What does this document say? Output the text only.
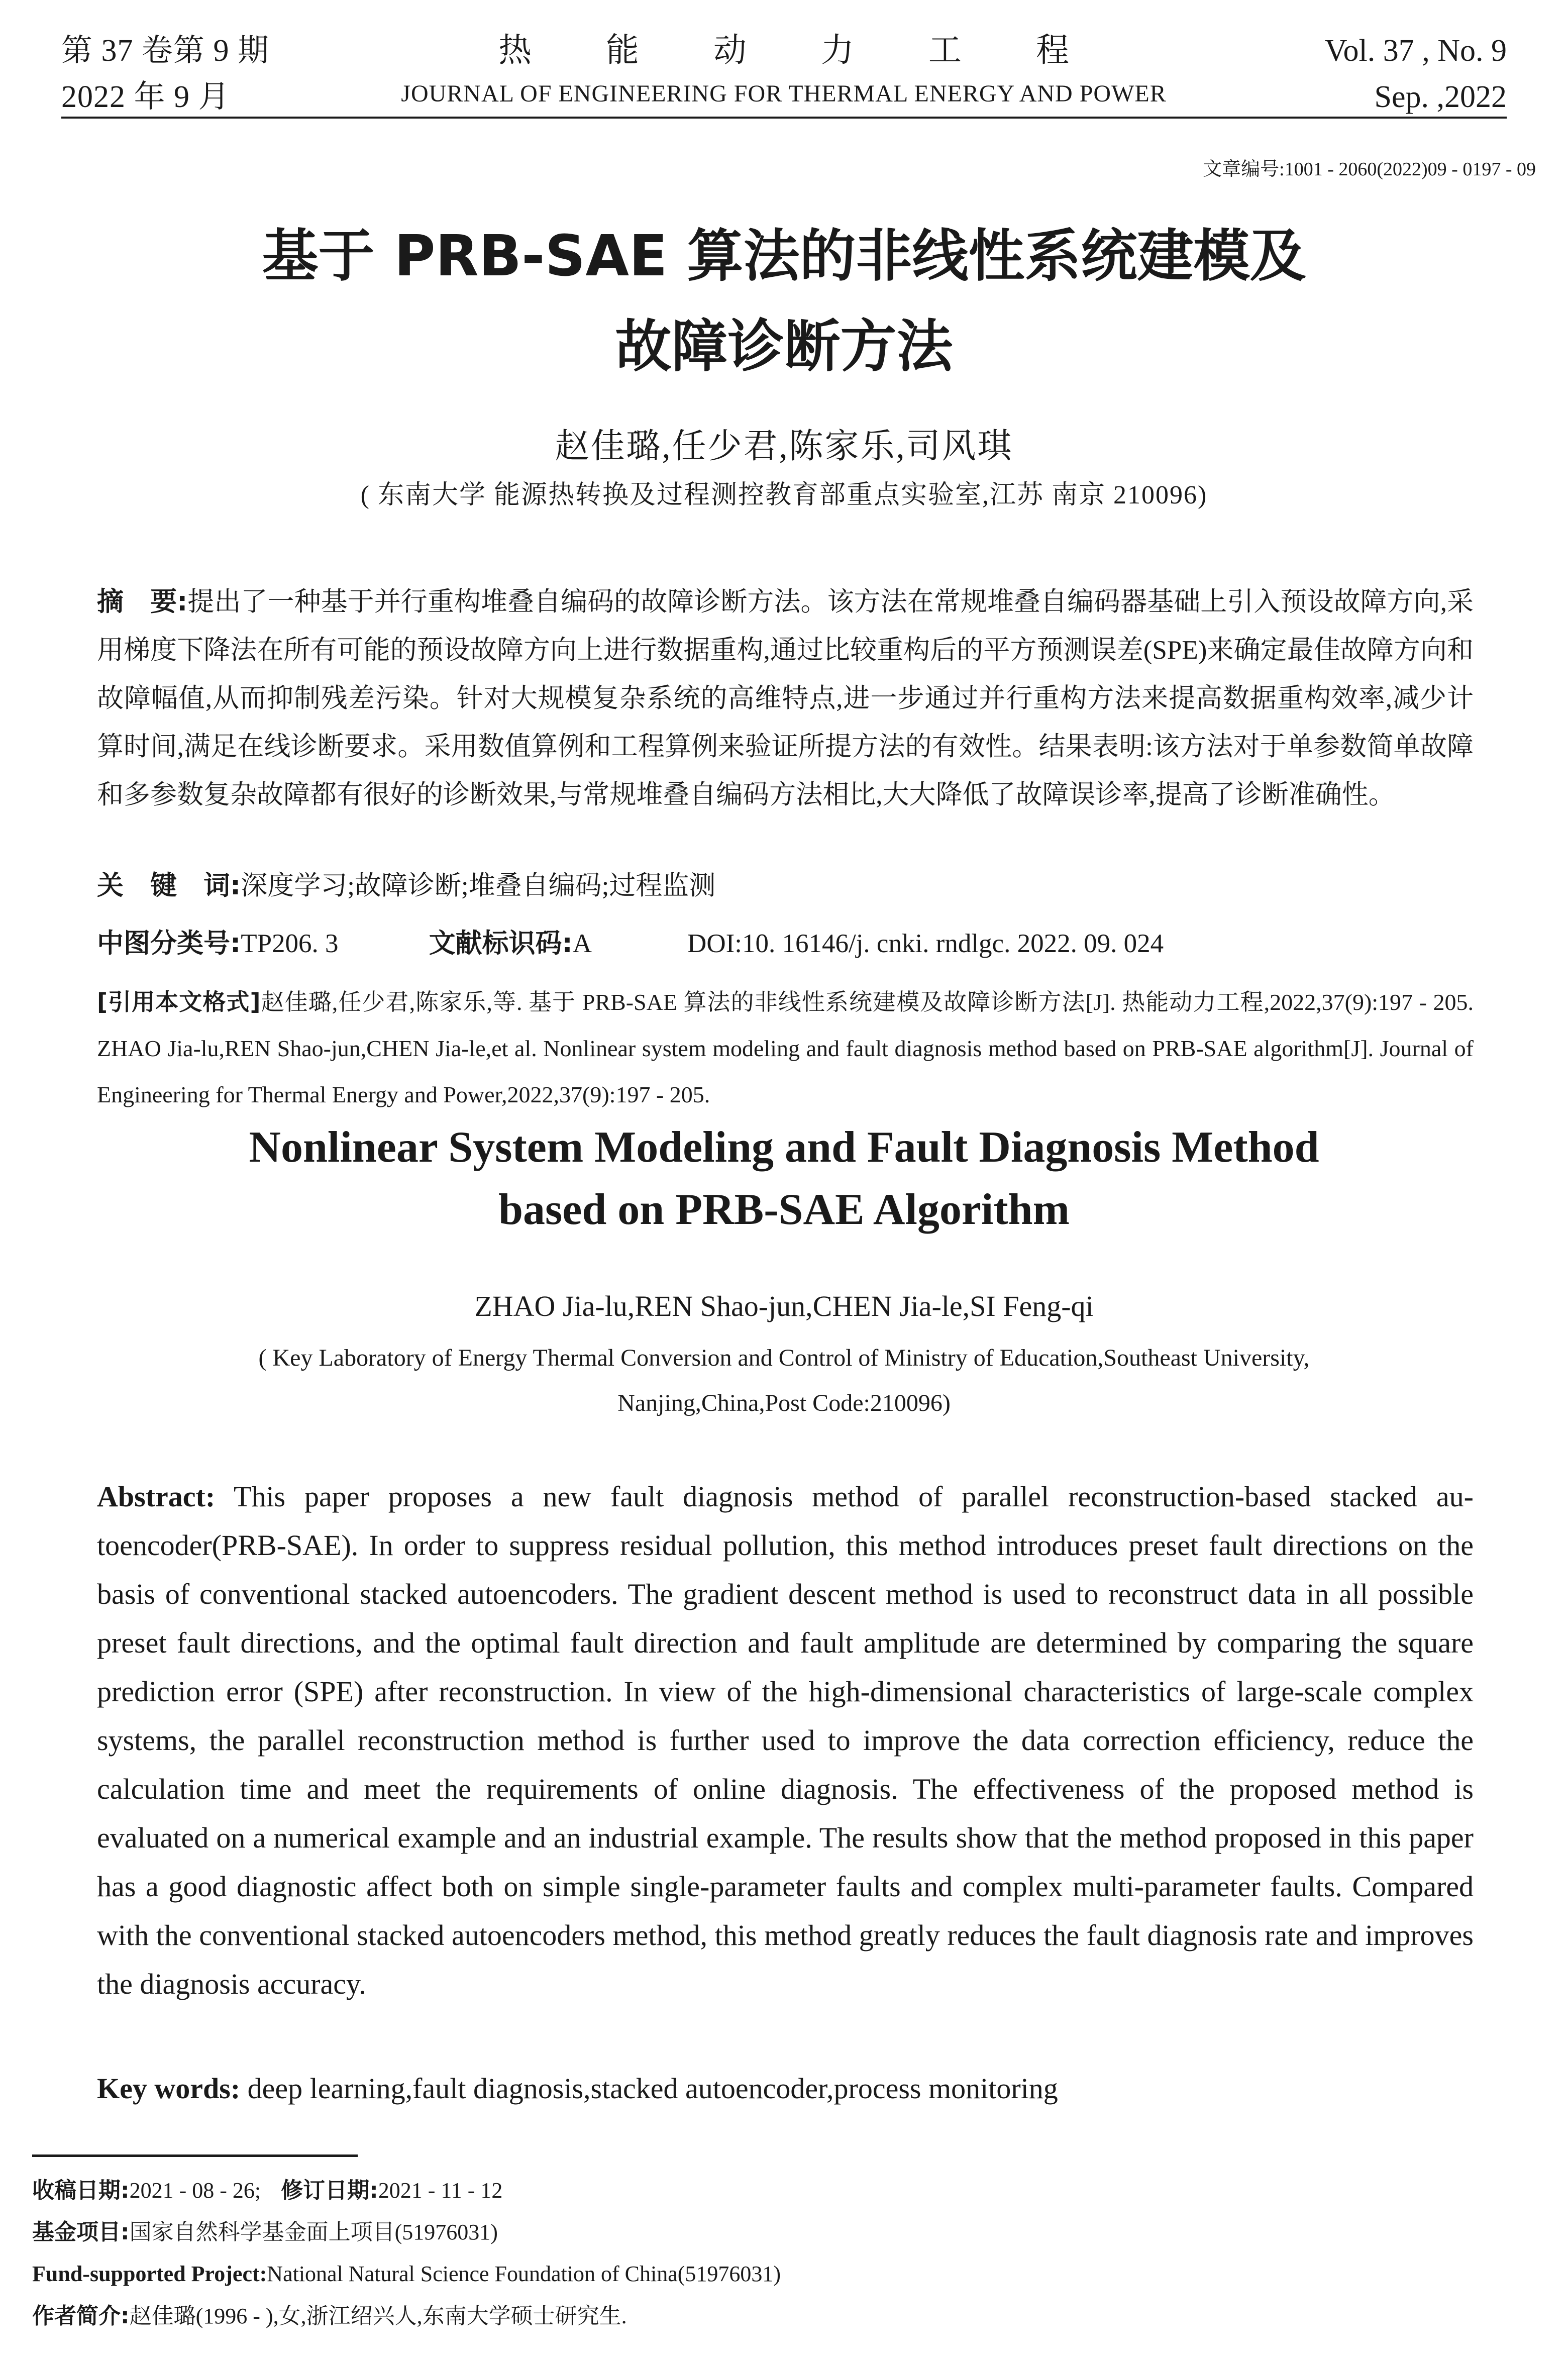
第 37 卷第 9 期
2022 年 9 月
热能动力工程
JOURNAL OF ENGINEERING FOR THERMAL ENERGY AND POWER
Vol. 37 , No. 9
Sep. ,2022
文章编号:1001 - 2060(2022)09 - 0197 - 09
基于 PRB-SAE 算法的非线性系统建模及
故障诊断方法
赵佳璐,任少君,陈家乐,司风琪
( 东南大学 能源热转换及过程测控教育部重点实验室,江苏 南京 210096)
摘　要:提出了一种基于并行重构堆叠自编码的故障诊断方法。该方法在常规堆叠自编码器基础上引入预设故障方向,采用梯度下降法在所有可能的预设故障方向上进行数据重构,通过比较重构后的平方预测误差(SPE)来确定最佳故障方向和故障幅值,从而抑制残差污染。针对大规模复杂系统的高维特点,进一步通过并行重构方法来提高数据重构效率,减少计算时间,满足在线诊断要求。采用数值算例和工程算例来验证所提方法的有效性。结果表明:该方法对于单参数简单故障和多参数复杂故障都有很好的诊断效果,与常规堆叠自编码方法相比,大大降低了故障误诊率,提高了诊断准确性。
关　键　词:深度学习;故障诊断;堆叠自编码;过程监测
中图分类号:TP206. 3	文献标识码:A	DOI:10. 16146/j. cnki. rndlgc. 2022. 09. 024
[引用本文格式]赵佳璐,任少君,陈家乐,等. 基于 PRB-SAE 算法的非线性系统建模及故障诊断方法[J]. 热能动力工程,2022,37(9):197 - 205. ZHAO Jia-lu,REN Shao-jun,CHEN Jia-le,et al. Nonlinear system modeling and fault diagnosis method based on PRB-SAE algorithm[J]. Journal of Engineering for Thermal Energy and Power,2022,37(9):197 - 205.
Nonlinear System Modeling and Fault Diagnosis Method
based on PRB-SAE Algorithm
ZHAO Jia-lu,REN Shao-jun,CHEN Jia-le,SI Feng-qi
( Key Laboratory of Energy Thermal Conversion and Control of Ministry of Education,Southeast University,
Nanjing,China,Post Code:210096)
Abstract: This paper proposes a new fault diagnosis method of parallel reconstruction-based stacked autoencoder(PRB-SAE). In order to suppress residual pollution, this method introduces preset fault directions on the basis of conventional stacked autoencoders. The gradient descent method is used to reconstruct data in all possible preset fault directions, and the optimal fault direction and fault amplitude are determined by comparing the square prediction error (SPE) after reconstruction. In view of the high-dimensional characteristics of large-scale complex systems, the parallel reconstruction method is further used to improve the data correction efficiency, reduce the calculation time and meet the requirements of online diagnosis. The effectiveness of the proposed method is evaluated on a numerical example and an industrial example. The results show that the method proposed in this paper has a good diagnostic affect both on simple single-parameter faults and complex multi-parameter faults. Compared with the conventional stacked autoencoders method, this method greatly reduces the fault diagnosis rate and improves the diagnosis accuracy.
Key words: deep learning,fault diagnosis,stacked autoencoder,process monitoring
收稿日期:2021 - 08 - 26; 修订日期:2021 - 11 - 12
基金项目:国家自然科学基金面上项目(51976031)
Fund-supported Project:National Natural Science Foundation of China(51976031)
作者简介:赵佳璐(1996 - ),女,浙江绍兴人,东南大学硕士研究生.
